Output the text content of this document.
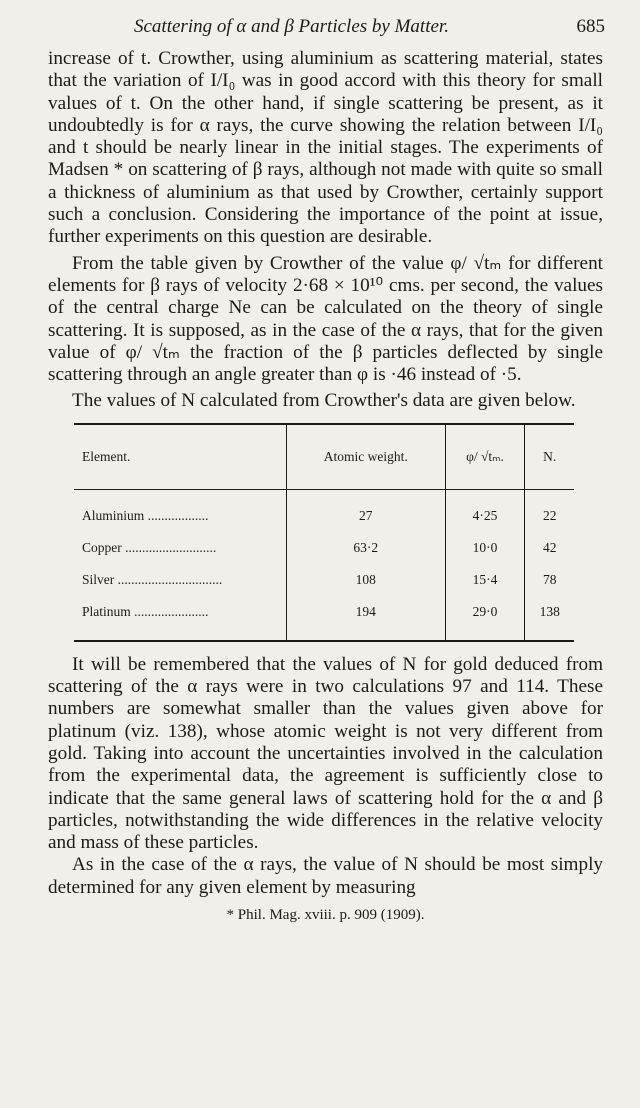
Scattering of α and β Particles by Matter.	685

increase of t. Crowther, using aluminium as scattering material, states that the variation of I/I₀ was in good accord with this theory for small values of t. On the other hand, if single scattering be present, as it undoubtedly is for α rays, the curve showing the relation between I/I₀ and t should be nearly linear in the initial stages. The experiments of Madsen * on scattering of β rays, although not made with quite so small a thickness of aluminium as that used by Crowther, certainly support such a conclusion. Considering the importance of the point at issue, further experiments on this question are desirable.

From the table given by Crowther of the value φ/ √tₘ for different elements for β rays of velocity 2·68 × 10¹⁰ cms. per second, the values of the central charge Ne can be calculated on the theory of single scattering. It is supposed, as in the case of the α rays, that for the given value of φ/ √tₘ the fraction of the β particles deflected by single scattering through an angle greater than φ is ·46 instead of ·5.

The values of N calculated from Crowther's data are given below.

Element.	Atomic weight.	φ/ √tₘ.	N.
Aluminium ..................	27	4·25	22
Copper ...........................	63·2	10·0	42
Silver ...............................	108	15·4	78
Platinum ......................	194	29·0	138

It will be remembered that the values of N for gold deduced from scattering of the α rays were in two calculations 97 and 114. These numbers are somewhat smaller than the values given above for platinum (viz. 138), whose atomic weight is not very different from gold. Taking into account the uncertainties involved in the calculation from the experimental data, the agreement is sufficiently close to indicate that the same general laws of scattering hold for the α and β particles, notwithstanding the wide differences in the relative velocity and mass of these particles.

As in the case of the α rays, the value of N should be most simply determined for any given element by measuring

* Phil. Mag. xviii. p. 909 (1909).
